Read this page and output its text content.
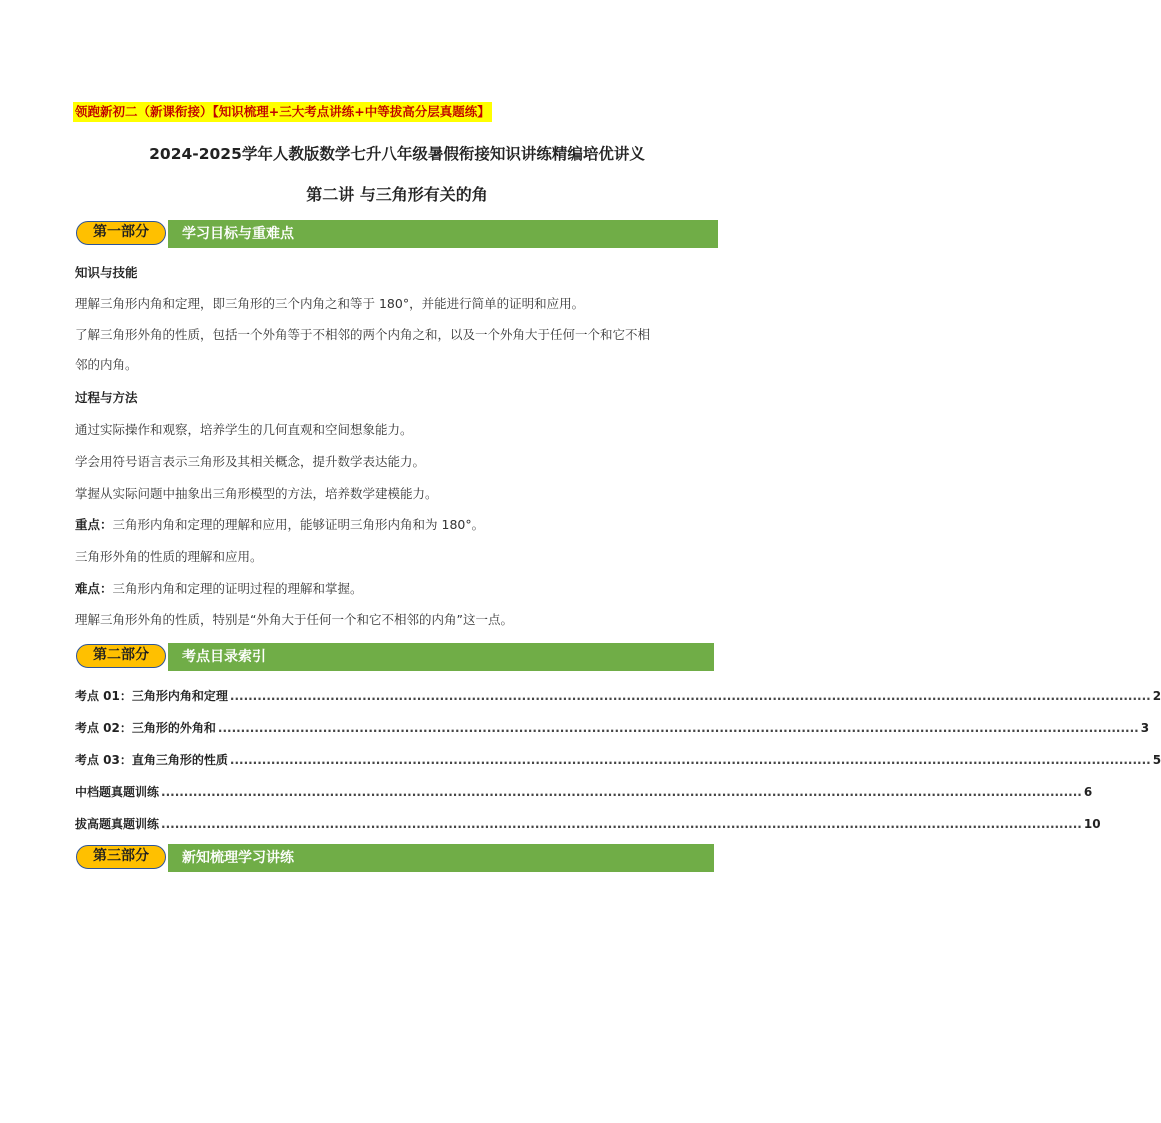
领跑新初二（新课衔接）【知识梳理+三大考点讲练+中等拔高分层真题练】
2024-2025学年人教版数学七升八年级暑假衔接知识讲练精编培优讲义
第二讲 与三角形有关的角
第一部分	学习目标与重难点
知识与技能
理解三角形内角和定理，即三角形的三个内角之和等于 180°，并能进行简单的证明和应用。
了解三角形外角的性质，包括一个外角等于不相邻的两个内角之和，以及一个外角大于任何一个和它不相
邻的内角。
过程与方法
通过实际操作和观察，培养学生的几何直观和空间想象能力。
学会用符号语言表示三角形及其相关概念，提升数学表达能力。
掌握从实际问题中抽象出三角形模型的方法，培养数学建模能力。
重点：三角形内角和定理的理解和应用，能够证明三角形内角和为 180°。
三角形外角的性质的理解和应用。
难点：三角形内角和定理的证明过程的理解和掌握。
理解三角形外角的性质，特别是“外角大于任何一个和它不相邻的内角”这一点。
第二部分	考点目录索引
考点 01：三角形内角和定理 .......................................................................................................................................................................................................... 2
考点 02：三角形的外角和 .......................................................................................................................................................................................................... 3
考点 03：直角三角形的性质 .......................................................................................................................................................................................................... 5
中档题真题训练 .......................................................................................................................................................................................................... 6
拔高题真题训练 .......................................................................................................................................................................................................... 10
第三部分	新知梳理学习讲练
